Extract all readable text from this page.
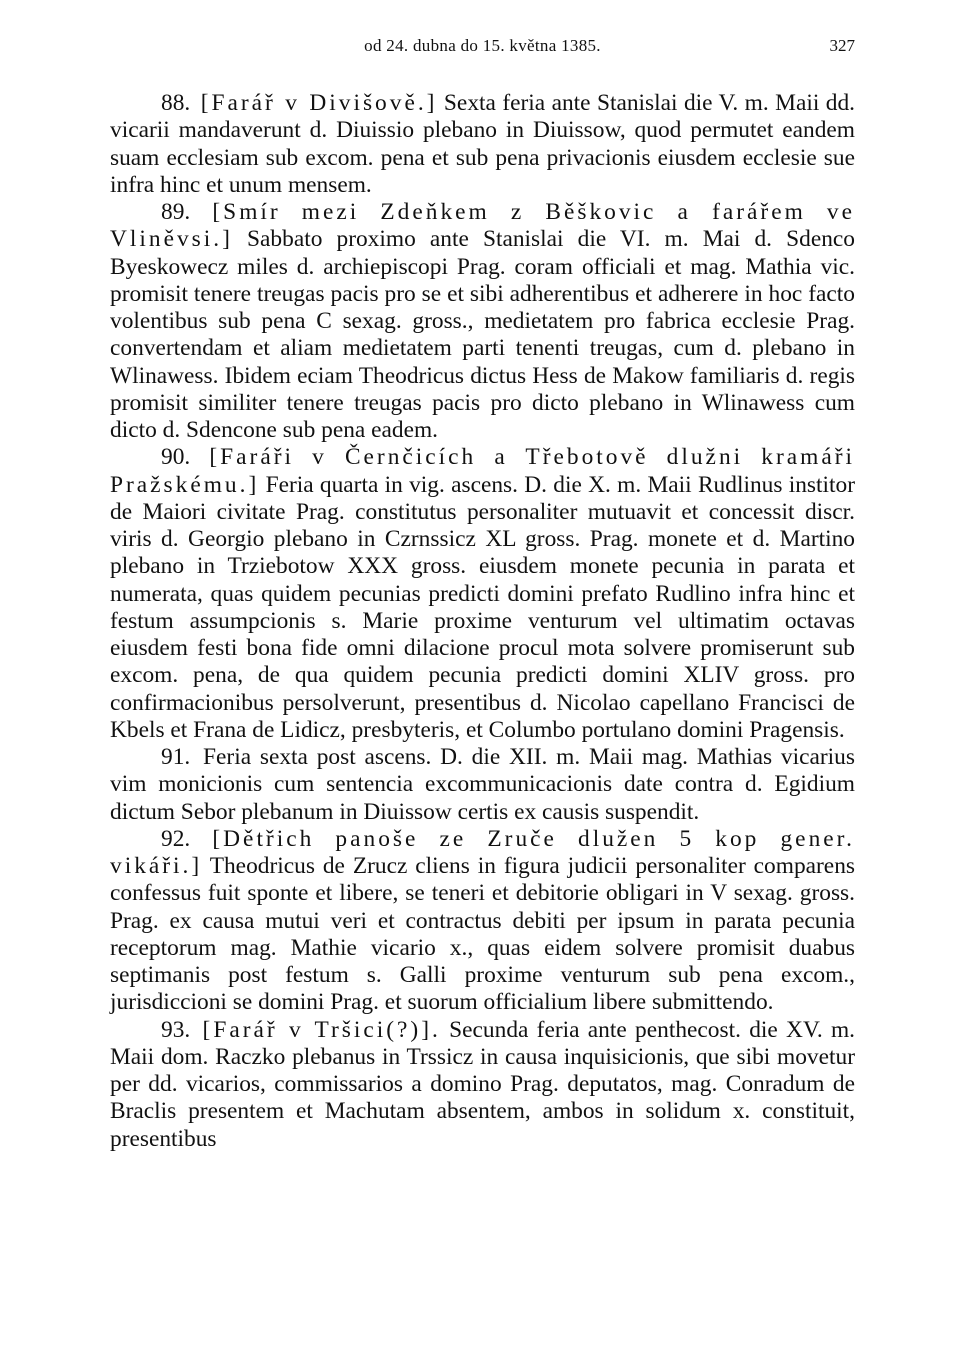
od 24. dubna do 15. května 1385.	327

88. [Farář v Divišově.] Sexta feria ante Stanislai die V. m. Maii dd. vicarii mandaverunt d. Diuissio plebano in Diuissow, quod permutet eandem suam ecclesiam sub excom. pena et sub pena privacionis eiusdem ecclesie sue infra hinc et unum mensem.

89. [Smír mezi Zdeňkem z Běškovic a farářem ve Vliněvsi.] Sabbato proximo ante Stanislai die VI. m. Mai d. Sdenco Byeskowecz miles d. archiepiscopi Prag. coram officiali et mag. Mathia vic. promisit tenere treugas pacis pro se et sibi adherentibus et adherere in hoc facto volentibus sub pena C sexag. gross., medietatem pro fabrica ecclesie Prag. convertendam et aliam medietatem parti tenenti treugas, cum d. plebano in Wlinawess. Ibidem eciam Theodricus dictus Hess de Makow familiaris d. regis promisit similiter tenere treugas pacis pro dicto plebano in Wlinawess cum dicto d. Sdencone sub pena eadem.

90. [Faráři v Černčicích a Třebotově dlužni kramáři Pražskému.] Feria quarta in vig. ascens. D. die X. m. Maii Rudlinus institor de Maiori civitate Prag. constitutus personaliter mutuavit et concessit discr. viris d. Georgio plebano in Czrnssicz XL gross. Prag. monete et d. Martino plebano in Trziebotow XXX gross. eiusdem monete pecunia in parata et numerata, quas quidem pecunias predicti domini prefato Rudlino infra hinc et festum assumpcionis s. Marie proxime venturum vel ultimatim octavas eiusdem festi bona fide omni dilacione procul mota solvere promiserunt sub excom. pena, de qua quidem pecunia predicti domini XLIV gross. pro confirmacionibus persolverunt, presentibus d. Nicolao capellano Francisci de Kbels et Frana de Lidicz, presbyteris, et Columbo portulano domini Pragensis.

91. Feria sexta post ascens. D. die XII. m. Maii mag. Mathias vicarius vim monicionis cum sentencia excommunicacionis date contra d. Egidium dictum Sebor plebanum in Diuissow certis ex causis suspendit.

92. [Dětřich panoše ze Zruče dlužen 5 kop gener. vikáři.] Theodricus de Zrucz cliens in figura judicii personaliter comparens confessus fuit sponte et libere, se teneri et debitorie obligari in V sexag. gross. Prag. ex causa mutui veri et contractus debiti per ipsum in parata pecunia receptorum mag. Mathie vicario x., quas eidem solvere promisit duabus septimanis post festum s. Galli proxime venturum sub pena excom., jurisdiccioni se domini Prag. et suorum officialium libere submittendo.

93. [Farář v Tršici(?)]. Secunda feria ante penthecost. die XV. m. Maii dom. Raczko plebanus in Trssicz in causa inquisicionis, que sibi movetur per dd. vicarios, commissarios a domino Prag. deputatos, mag. Conradum de Braclis presentem et Machutam absentem, ambos in solidum x. constituit, presentibus
